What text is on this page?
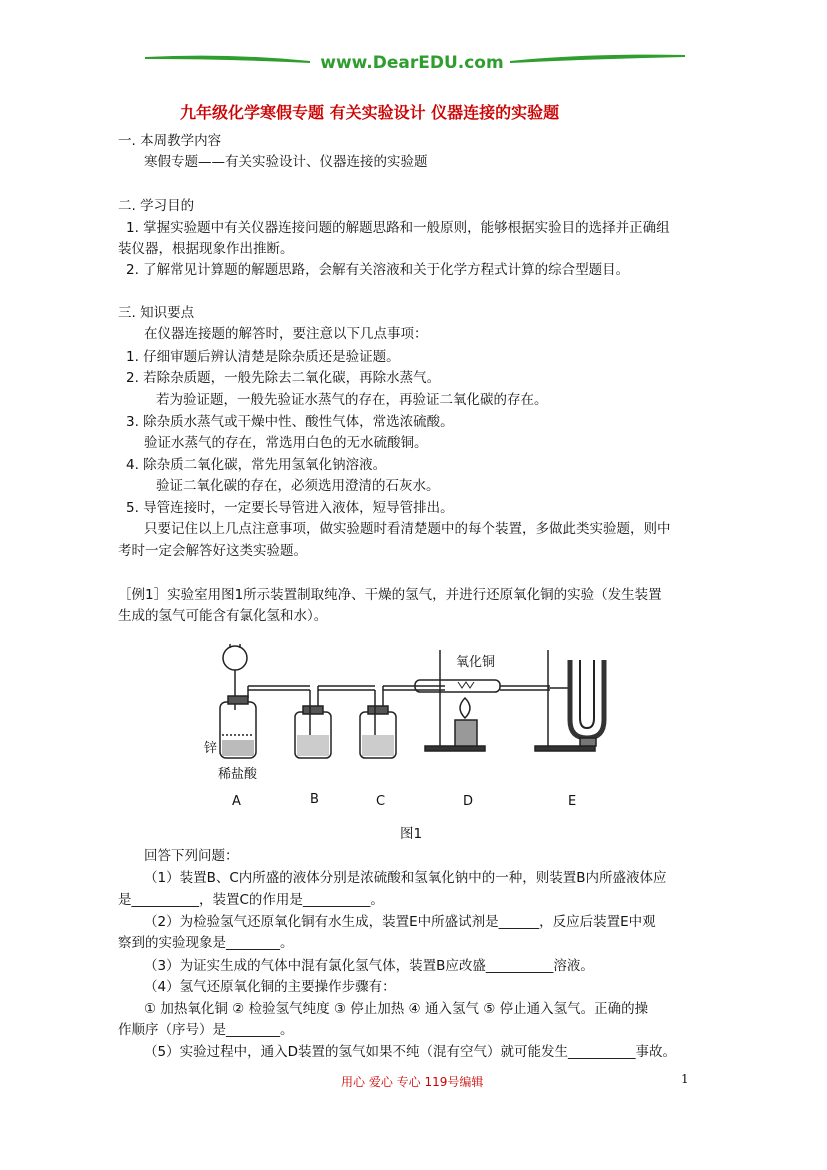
www.DearEDU.com
九年级化学寒假专题 有关实验设计 仪器连接的实验题
一. 本周教学内容
寒假专题——有关实验设计、仪器连接的实验题
二. 学习目的
1. 掌握实验题中有关仪器连接问题的解题思路和一般原则，能够根据实验目的选择并正确组
装仪器，根据现象作出推断。
2. 了解常见计算题的解题思路，会解有关溶液和关于化学方程式计算的综合型题目。
三. 知识要点
在仪器连接题的解答时，要注意以下几点事项：
1. 仔细审题后辨认清楚是除杂质还是验证题。
2. 若除杂质题，一般先除去二氧化碳，再除水蒸气。
若为验证题，一般先验证水蒸气的存在，再验证二氧化碳的存在。
3. 除杂质水蒸气或干燥中性、酸性气体，常选浓硫酸。
验证水蒸气的存在，常选用白色的无水硫酸铜。
4. 除杂质二氧化碳，常先用氢氧化钠溶液。
验证二氧化碳的存在，必须选用澄清的石灰水。
5. 导管连接时，一定要长导管进入液体，短导管排出。
只要记住以上几点注意事项，做实验题时看清楚题中的每个装置，多做此类实验题，则中
考时一定会解答好这类实验题。
［例1］实验室用图1所示装置制取纯净、干燥的氢气，并进行还原氧化铜的实验（发生装置
生成的氢气可能含有氯化氢和水）。
锌
稀盐酸
氧化铜
A	B	C	D	E
图1
回答下列问题：
（1）装置B、C内所盛的液体分别是浓硫酸和氢氧化钠中的一种，则装置B内所盛液体应
是__________，装置C的作用是__________。
（2）为检验氢气还原氧化铜有水生成，装置E中所盛试剂是______，反应后装置E中观
察到的实验现象是________。
（3）为证实生成的气体中混有氯化氢气体，装置B应改盛__________溶液。
（4）氢气还原氧化铜的主要操作步骤有：
① 加热氧化铜 ② 检验氢气纯度 ③ 停止加热 ④ 通入氢气 ⑤ 停止通入氢气。正确的操
作顺序（序号）是________。
（5）实验过程中，通入D装置的氢气如果不纯（混有空气）就可能发生__________事故。
用心 爱心 专心 119号编辑	1
